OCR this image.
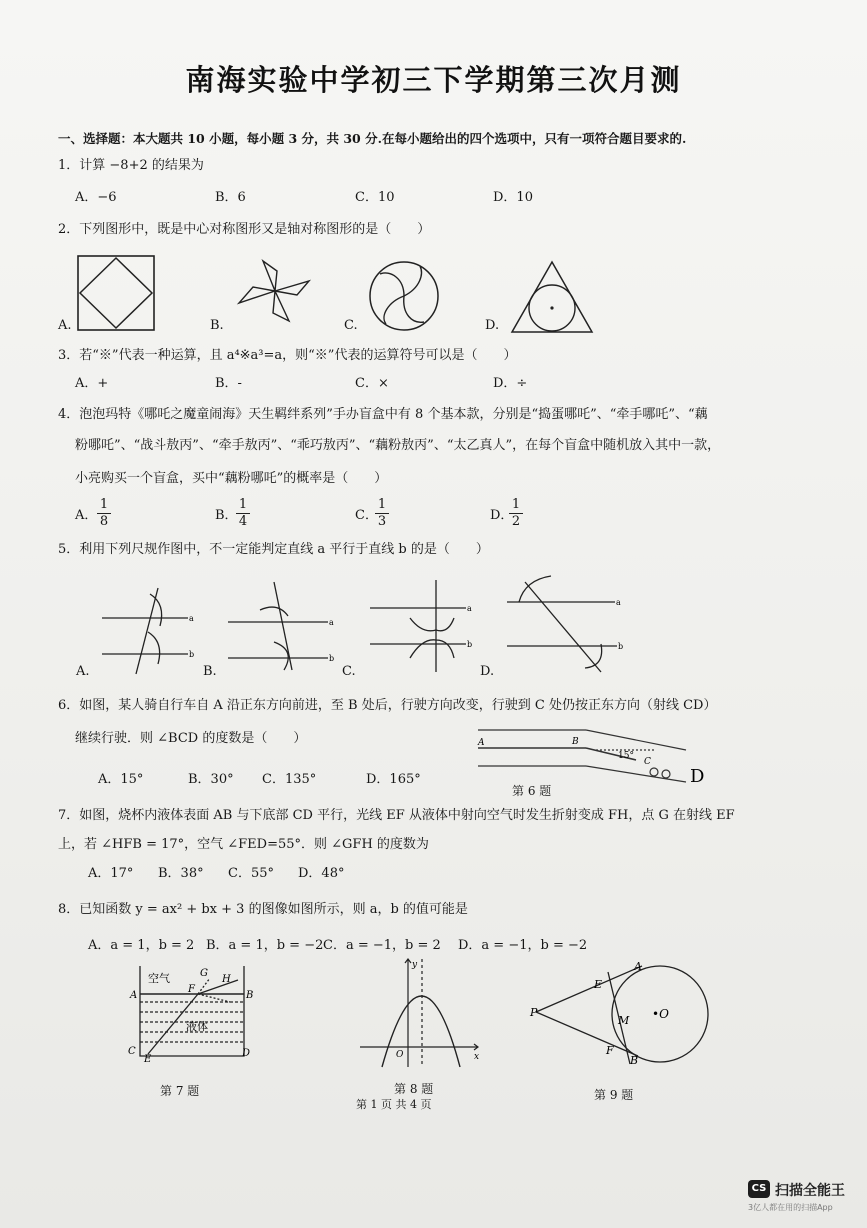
南海实验中学初三下学期第三次月测
一、选择题：本大题共 10 小题，每小题 3 分，共 30 分.在每小题给出的四个选项中，只有一项符合题目要求的.
1．计算 −8+2 的结果为
A．−6	B．6	C．10	D．10
2．下列图形中，既是中心对称图形又是轴对称图形的是（　　）
A.	B.	C.	D.
3．若“※”代表一种运算，且 a⁴※a³=a，则“※”代表的运算符号可以是（　　）
A．+	B．-	C．×	D．÷
4．泡泡玛特《哪吒之魔童闹海》天生羁绊系列”手办盲盒中有 8 个基本款，分别是“捣蛋哪吒”、“牵手哪吒”、“藕
粉哪吒”、“战斗敖丙”、“牵手敖丙”、“乖巧敖丙”、“藕粉敖丙”、“太乙真人”，在每个盲盒中随机放入其中一款，
小亮购买一个盲盒，买中“藕粉哪吒”的概率是（　　）
A．
1
8	B．
1
4	C．
1
3	D．
1
2
5．利用下列尺规作图中，不一定能判定直线 a 平行于直线 b 的是（　　）
A.	B.	C.	D.
a
b
a
b
a
b
a
b
6．如图，某人骑自行车自 A 沿正东方向前进，至 B 处后，行驶方向改变，行驶到 C 处仍按正东方向（射线 CD）
继续行驶．则 ∠BCD 的度数是（　　）
A．15°	B．30° C．135°	D．165°
A	B
C
15°
D
第 6 题
7．如图，烧杯内液体表面 AB 与下底部 CD 平行，光线 EF 从液体中射向空气时发生折射变成 FH，点 G 在射线 EF
上，若 ∠HFB = 17°，空气 ∠FED=55°．则 ∠GFH 的度数为
A．17° B．38° C．55° D．48°
8．已知函数 y = ax² + bx + 3 的图像如图所示，则 a，b 的值可能是
A．a = 1，b = 2 B．a = 1，b = −2 C．a = −1，b = 2 D．a = −1，b = −2
空气	G
H
A	B
F
液体
C
E
D
第 7 题
y
O	x
第 8 题
第 1 页 共 4 页
A
E
P
M •O
F
B
第 9 题
CS 扫描全能王
3亿人都在用的扫描App
